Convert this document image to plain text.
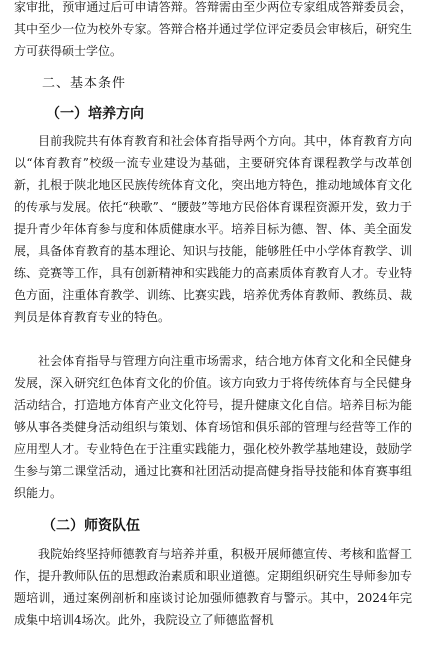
家审批，预审通过后可申请答辩。答辩需由至少两位专家组成答辩委员会，其中至少一位为校外专家。答辩合格并通过学位评定委员会审核后，研究生方可获得硕士学位。

二、基本条件
（一）培养方向

目前我院共有体育教育和社会体育指导两个方向。其中，体育教育方向以“体育教育”校级一流专业建设为基础，主要研究体育课程教学与改革创新，扎根于陕北地区民族传统体育文化，突出地方特色，推动地域体育文化的传承与发展。依托“秧歌”、“腰鼓”等地方民俗体育课程资源开发，致力于提升青少年体育参与度和体质健康水平。培养目标为德、智、体、美全面发展，具备体育教育的基本理论、知识与技能，能够胜任中小学体育教学、训练、竞赛等工作，具有创新精神和实践能力的高素质体育教育人才。专业特色方面，注重体育教学、训练、比赛实践，培养优秀体育教师、教练员、裁判员是体育教育专业的特色。

社会体育指导与管理方向注重市场需求，结合地方体育文化和全民健身发展，深入研究红色体育文化的价值。该方向致力于将传统体育与全民健身活动结合，打造地方体育产业文化符号，提升健康文化自信。培养目标为能够从事各类健身活动组织与策划、体育场馆和俱乐部的管理与经营等工作的应用型人才。专业特色在于注重实践能力，强化校外教学基地建设，鼓励学生参与第二课堂活动，通过比赛和社团活动提高健身指导技能和体育赛事组织能力。

（二）师资队伍

我院始终坚持师德教育与培养并重，积极开展师德宣传、考核和监督工作，提升教师队伍的思想政治素质和职业道德。定期组织研究生导师参加专题培训，通过案例剖析和座谈讨论加强师德教育与警示。其中，2024年完成集中培训4场次。此外，我院设立了师德监督机
